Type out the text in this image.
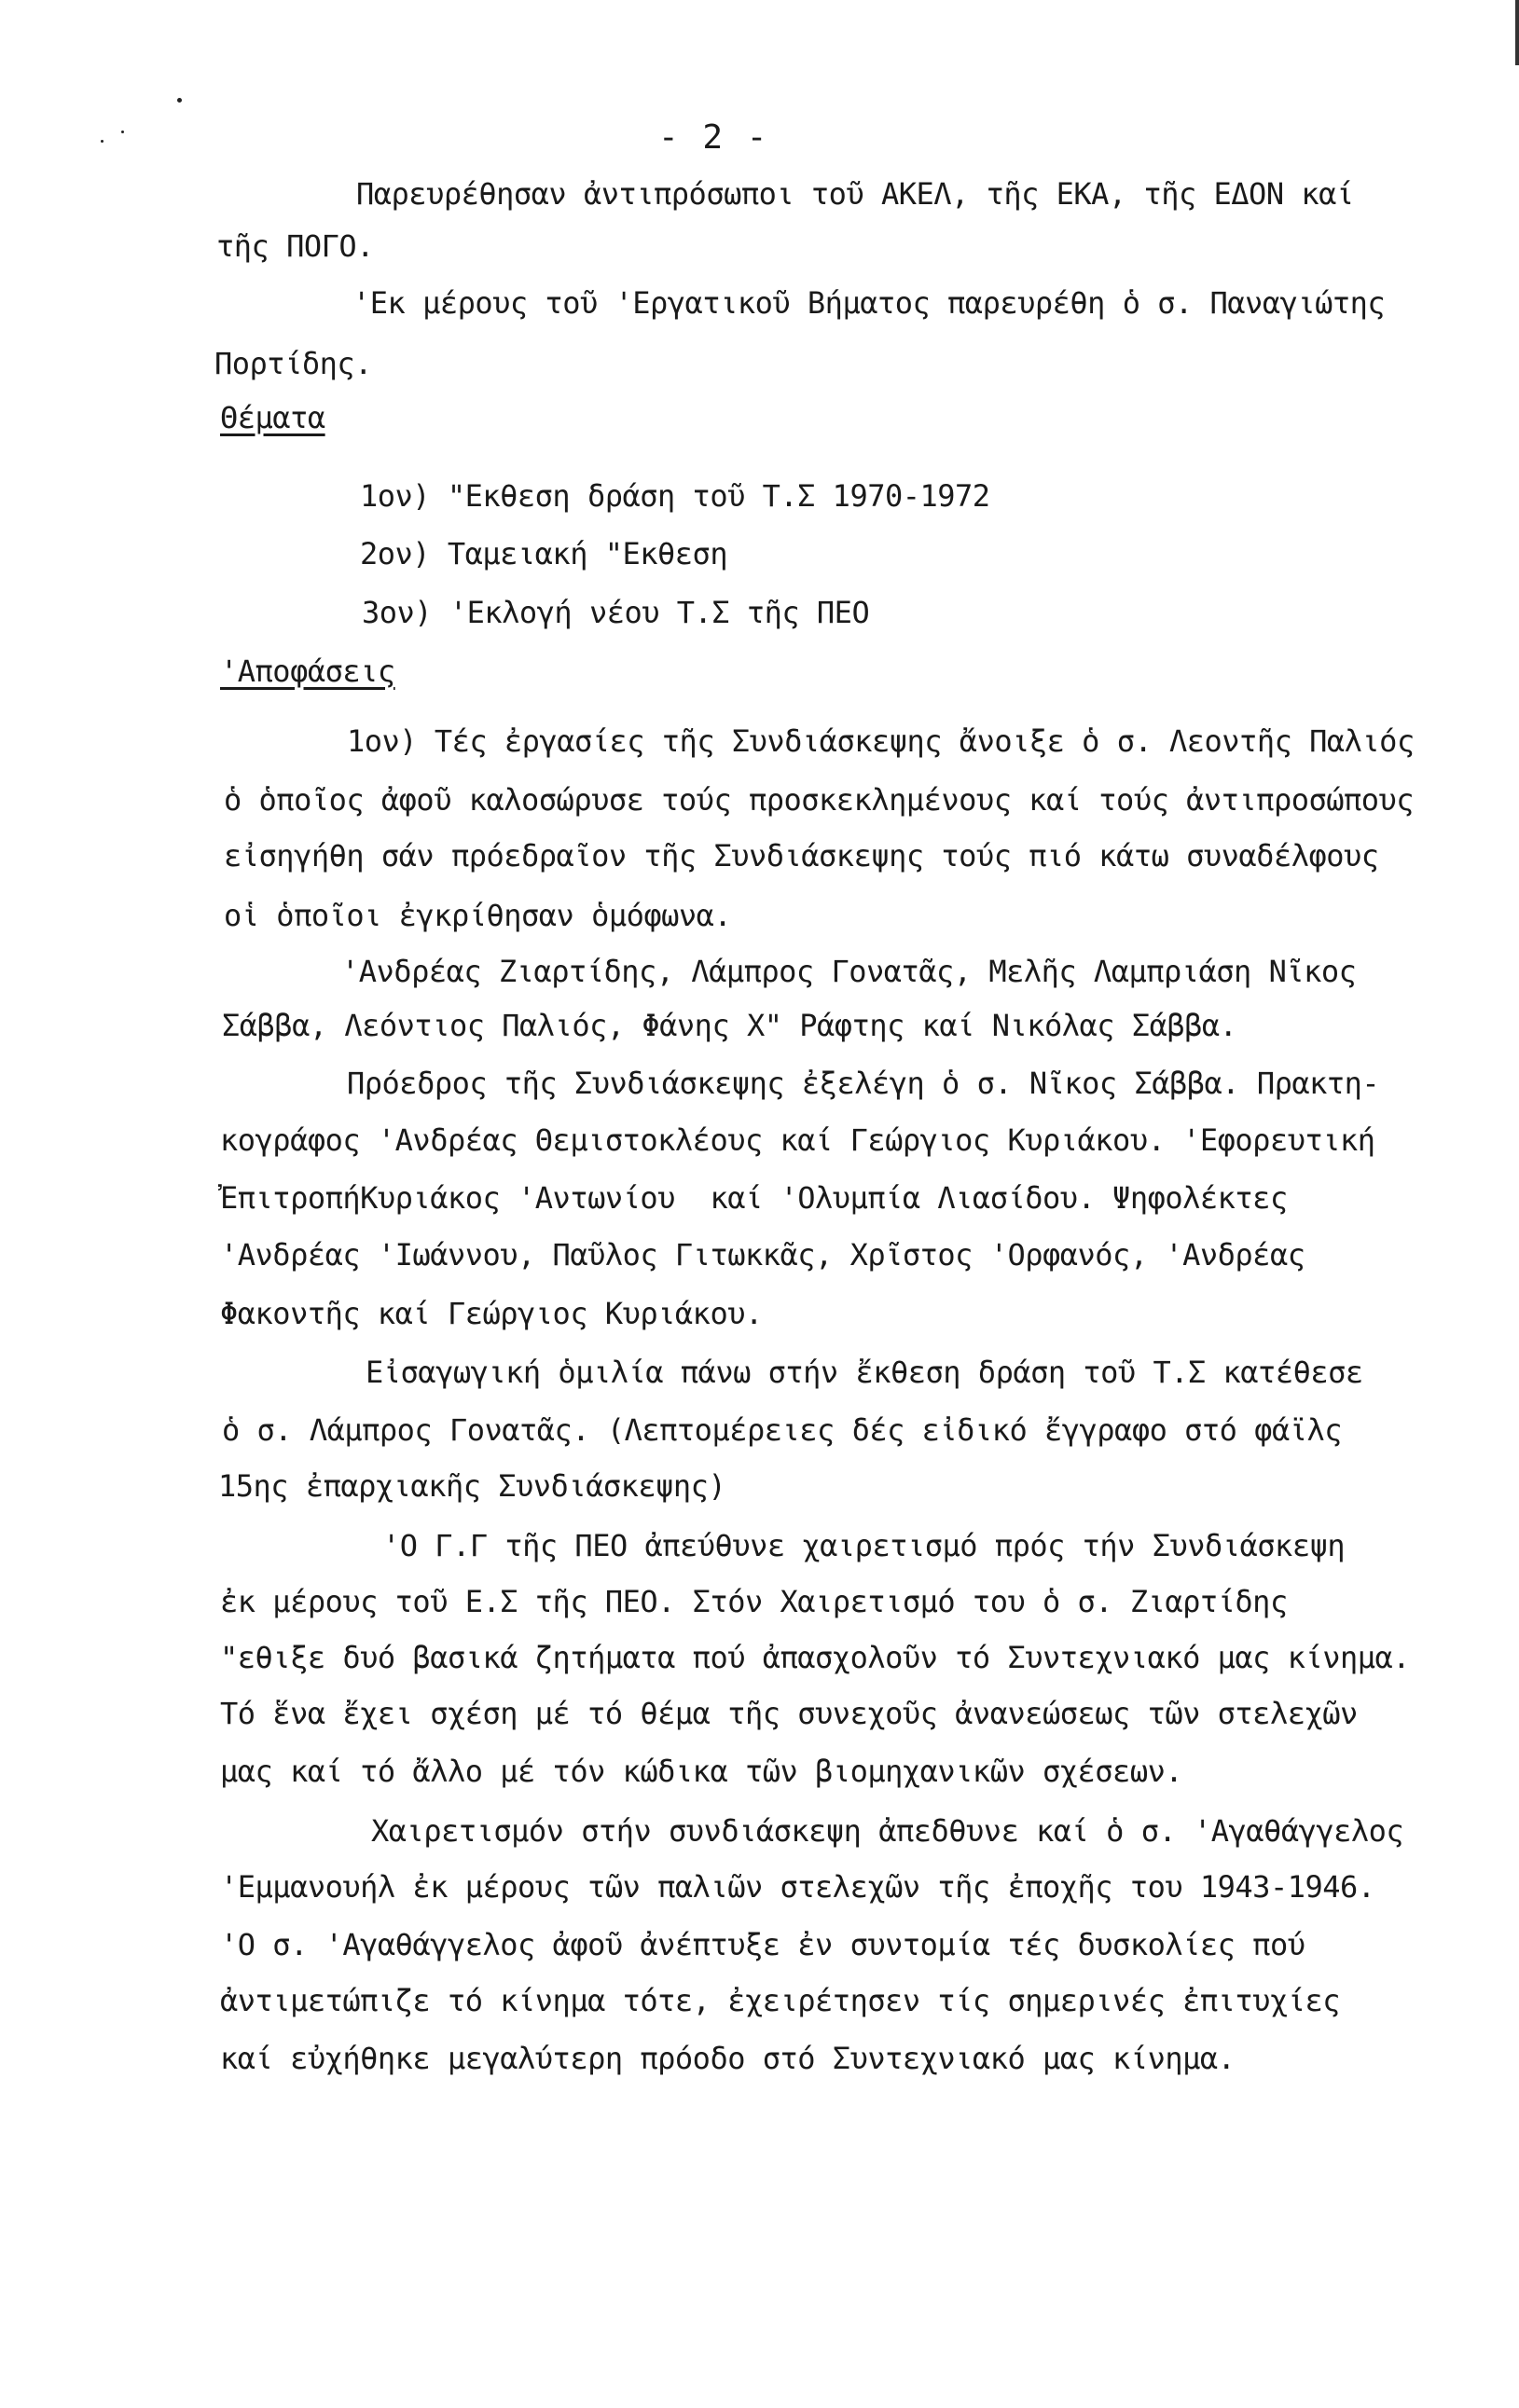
- 2 -
Παρευρέθησαν ἀντιπρόσωποι τοῦ ΑΚΕΛ, τῆς ΕΚΑ, τῆς ΕΔΟΝ καί
τῆς ΠΟΓΟ.
'Εκ μέρους τοῦ 'Εργατικοῦ Βήματος παρευρέθη ὁ σ. Παναγιώτης
Πορτίδης.
Θέματα
1ον) "Εκθεση δράση τοῦ Τ.Σ 1970-1972
2ον) Ταμειακή "Εκθεση
3ον) 'Εκλογή νέου Τ.Σ τῆς ΠΕΟ
'Αποφάσεις
1ον) Τές ἐργασίες τῆς Συνδιάσκεψης ἄνοιξε ὁ σ. Λεοντῆς Παλιός
ὁ ὁποῖος ἀφοῦ καλοσώρυσε τούς προσκεκλημένους καί τούς ἀντιπροσώπους
εἰσηγήθη σάν πρόεδραῖον τῆς Συνδιάσκεψης τούς πιό κάτω συναδέλφους
οἱ ὁποῖοι ἐγκρίθησαν ὁμόφωνα.
'Ανδρέας Ζιαρτίδης, Λάμπρος Γονατᾶς, Μελῆς Λαμπριάση Νῖκος
Σάββα, Λεόντιος Παλιός, Φάνης Χ" Ράφτης καί Νικόλας Σάββα.
Πρόεδρος τῆς Συνδιάσκεψης ἐξελέγη ὁ σ. Νῖκος Σάββα. Πρακτη-
κογράφος 'Ανδρέας Θεμιστοκλέους καί Γεώργιος Κυριάκου. 'Εφορευτική
ἘπιτροπήΚυριάκος 'Αντωνίου  καί 'Ολυμπία Λιασίδου. Ψηφολέκτες
'Ανδρέας 'Ιωάννου, Παῦλος Γιτωκκᾶς, Χρῖστος 'Ορφανός, 'Ανδρέας
Φακοντῆς καί Γεώργιος Κυριάκου.
Εἰσαγωγική ὁμιλία πάνω στήν ἔκθεση δράση τοῦ Τ.Σ κατέθεσε
ὁ σ. Λάμπρος Γονατᾶς. (Λεπτομέρειες δές εἰδικό ἔγγραφο στό φάϊλς
15ης ἐπαρχιακῆς Συνδιάσκεψης)
'Ο Γ.Γ τῆς ΠΕΟ ἀπεύθυνε χαιρετισμό πρός τήν Συνδιάσκεψη
ἐκ μέρους τοῦ Ε.Σ τῆς ΠΕΟ. Στόν Χαιρετισμό του ὁ σ. Ζιαρτίδης
"εθιξε δυό βασικά ζητήματα πού ἀπασχολοῦν τό Συντεχνιακό μας κίνημα.
Τό ἕνα ἔχει σχέση μέ τό θέμα τῆς συνεχοῦς ἀνανεώσεως τῶν στελεχῶν
μας καί τό ἄλλο μέ τόν κώδικα τῶν βιομηχανικῶν σχέσεων.
Χαιρετισμόν στήν συνδιάσκεψη ἀπεδθυνε καί ὁ σ. 'Αγαθάγγελος
'Εμμανουήλ ἐκ μέρους τῶν παλιῶν στελεχῶν τῆς ἐποχῆς του 1943-1946.
'Ο σ. 'Αγαθάγγελος ἀφοῦ ἀνέπτυξε ἐν συντομία τές δυσκολίες πού
ἀντιμετώπιζε τό κίνημα τότε, ἐχειρέτησεν τίς σημερινές ἐπιτυχίες
καί εὐχήθηκε μεγαλύτερη πρόοδο στό Συντεχνιακό μας κίνημα.
